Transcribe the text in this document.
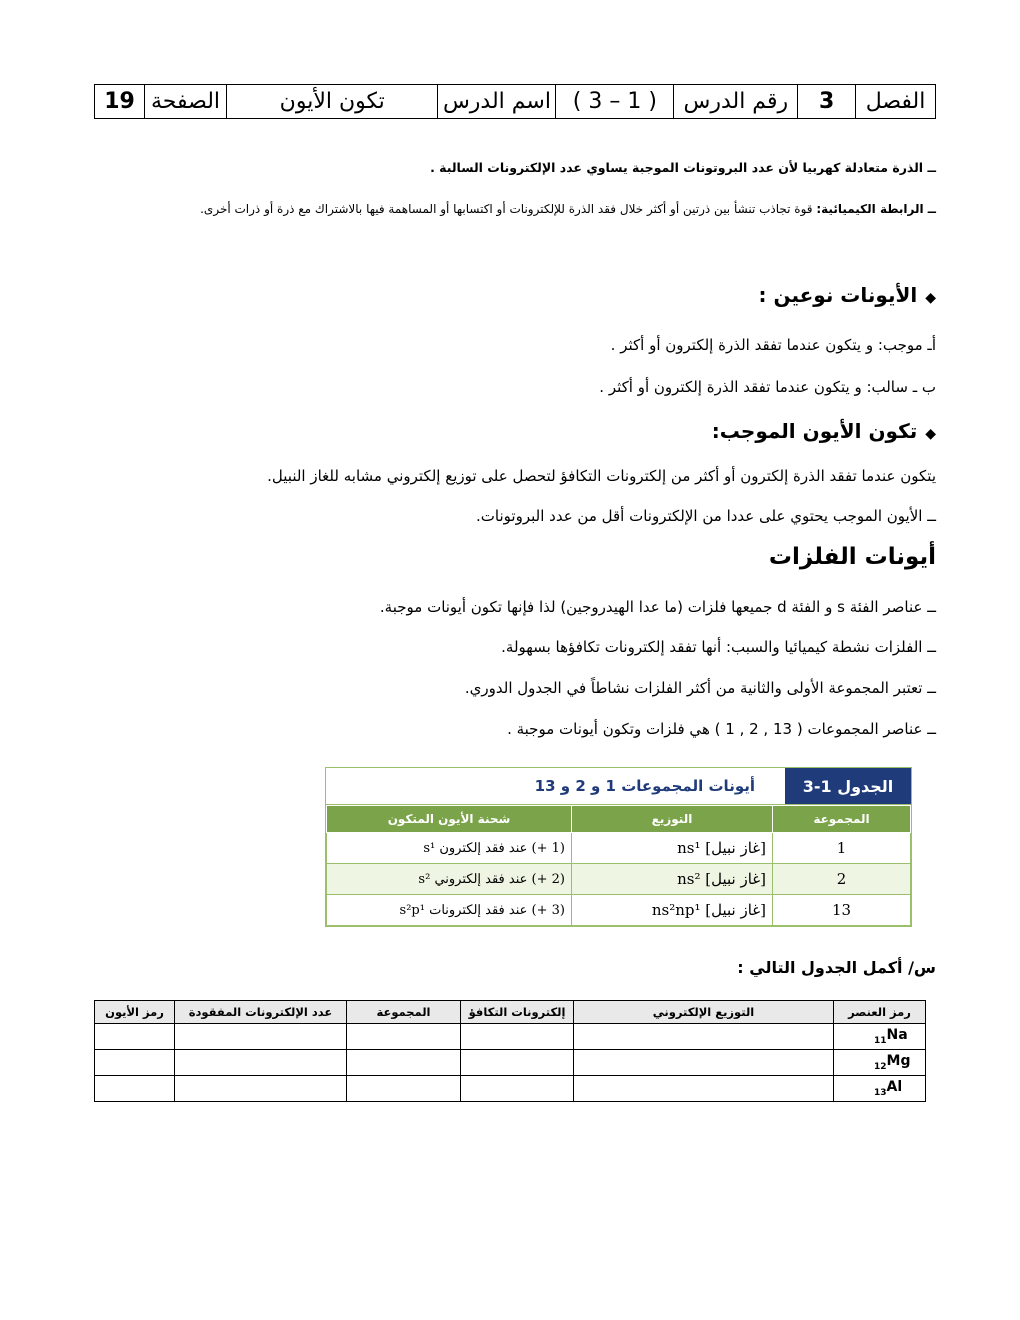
الفصل	3	رقم الدرس	( 1 – 3 )	اسم الدرس	تكون الأيون	الصفحة	19
ــ الذرة متعادلة كهربيا لأن عدد البروتونات الموجبة يساوي عدد الإلكترونات السالبة .
ــ الرابطة الكيميائية: قوة تجاذب تنشأ بين ذرتين أو أكثر خلال فقد الذرة للإلكترونات أو اكتسابها أو المساهمة فيها بالاشتراك مع ذرة أو ذرات أخرى.
◆الأيونات نوعين :
أـ موجب: و يتكون عندما تفقد الذرة إلكترون أو أكثر .
ب ـ سالب: و يتكون عندما تفقد الذرة إلكترون أو أكثر .
◆تكون الأيون الموجب:
يتكون عندما تفقد الذرة إلكترون أو أكثر من إلكترونات التكافؤ لتحصل على توزيع إلكتروني مشابه للغاز النبيل.
ــ الأيون الموجب يحتوي على عددا من الإلكترونات أقل من عدد البروتونات.
أيونات الفلزات
ــ عناصر الفئة s و الفئة d جميعها فلزات (ما عدا الهيدروجين) لذا فإنها تكون أيونات موجبة.
ــ الفلزات نشطة كيميائيا والسبب: أنها تفقد إلكترونات تكافؤها بسهولة.
ــ تعتبر المجموعة الأولى والثانية من أكثر الفلزات نشاطاً في الجدول الدوري.
ــ عناصر المجموعات ( 13 , 2 , 1 ) هي فلزات وتكون أيونات موجبة .
الجدول 1-3
أيونات المجموعات 1 و 2 و 13
المجموعة	التوزيع	شحنة الأيون المتكون
1	[غاز نبيل] ns¹	(1 +) عند فقد إلكترون s¹
2	[غاز نبيل] ns²	(2 +) عند فقد إلكتروني s²
13	[غاز نبيل] ns²np¹	(3 +) عند فقد إلكترونات s²p¹
س/ أكمل الجدول التالي :
رمز العنصر	التوزيع الإلكتروني	إلكترونات التكافؤ	المجموعة	عدد الإلكترونات المفقودة	رمز الأيون
$_{11}$Na					
$_{12}$Mg					
$_{13}$Al					
